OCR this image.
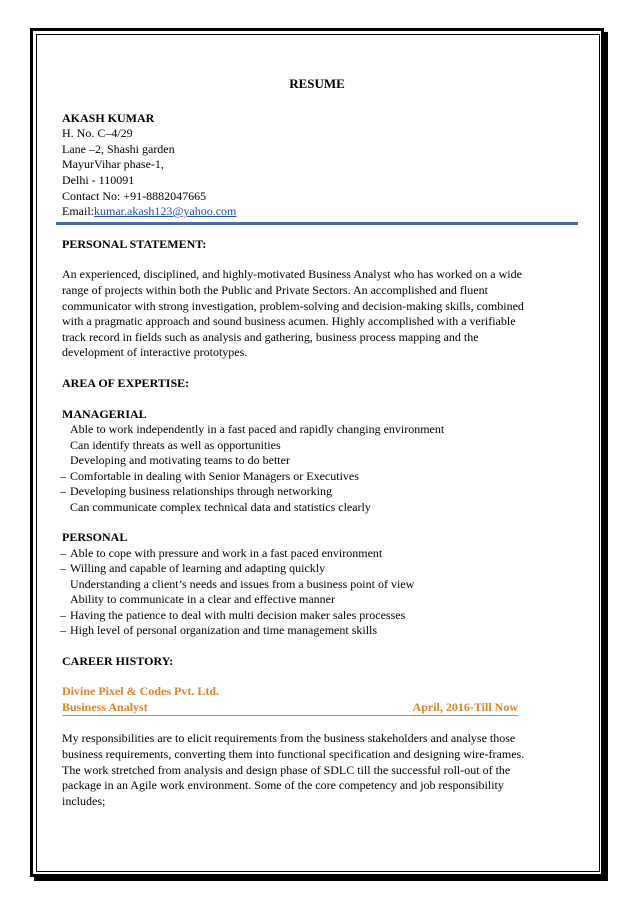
RESUME
AKASH KUMAR
H. No. C–4/29
Lane –2, Shashi garden
MayurVihar phase-1,
Delhi - 110091
Contact No: +91-8882047665
Email:kumar.akash123@yahoo.com
PERSONAL STATEMENT:
An experienced, disciplined, and highly-motivated Business Analyst who has worked on a wide
range of projects within both the Public and Private Sectors. An accomplished and fluent
communicator with strong investigation, problem-solving and decision-making skills, combined
with a pragmatic approach and sound business acumen. Highly accomplished with a verifiable
track record in fields such as analysis and gathering, business process mapping and the
development of interactive prototypes.
AREA OF EXPERTISE:
MANAGERIAL
Able to work independently in a fast paced and rapidly changing environment
Can identify threats as well as opportunities
Developing and motivating teams to do better
– Comfortable in dealing with Senior Managers or Executives
– Developing business relationships through networking
Can communicate complex technical data and statistics clearly
PERSONAL
– Able to cope with pressure and work in a fast paced environment
– Willing and capable of learning and adapting quickly
Understanding a client’s needs and issues from a business point of view
Ability to communicate in a clear and effective manner
– Having the patience to deal with multi decision maker sales processes
– High level of personal organization and time management skills
CAREER HISTORY:
Divine Pixel & Codes Pvt. Ltd.
Business Analyst	April, 2016-Till Now
My responsibilities are to elicit requirements from the business stakeholders and analyse those
business requirements, converting them into functional specification and designing wire-frames.
The work stretched from analysis and design phase of SDLC till the successful roll-out of the
package in an Agile work environment. Some of the core competency and job responsibility
includes;
